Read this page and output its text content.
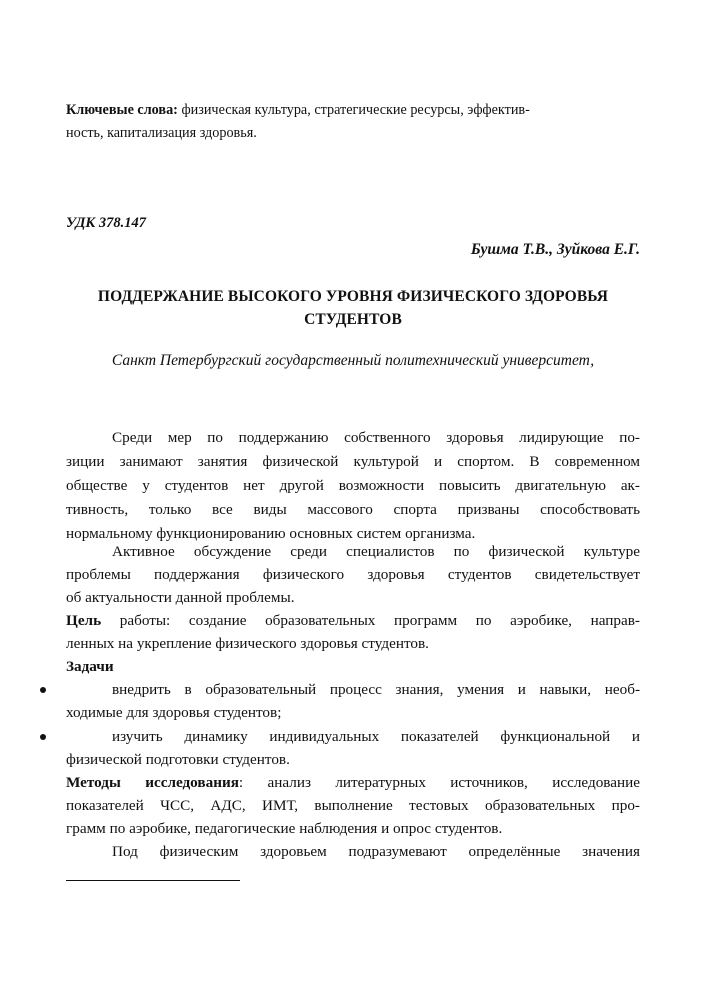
Ключевые слова: физическая культура, стратегические ресурсы, эффектив-
ность, капитализация здоровья.
УДК 378.147
Бушма Т.В., Зуйкова Е.Г.
ПОДДЕРЖАНИЕ ВЫСОКОГО УРОВНЯ ФИЗИЧЕСКОГО ЗДОРОВЬЯ
СТУДЕНТОВ
Санкт Петербургский государственный политехнический университет,
Среди мер по поддержанию собственного здоровья лидирующие по-
зиции занимают занятия физической культурой и спортом. В современном
обществе у студентов нет другой возможности повысить двигательную ак-
тивность, только все виды массового спорта призваны способствовать
нормальному функционированию основных систем организма.
Активное обсуждение среди специалистов по физической культуре
проблемы поддержания физического здоровья студентов свидетельствует
об актуальности данной проблемы.
Цель работы: создание образовательных программ по аэробике, направ-
ленных на укрепление физического здоровья студентов.
Задачи
внедрить в образовательный процесс знания, умения и навыки, необ-
ходимые для здоровья студентов;
изучить динамику индивидуальных показателей функциональной и
физической подготовки студентов.
Методы исследования: анализ литературных источников, исследование
показателей ЧСС, АДС, ИМТ, выполнение тестовых образовательных про-
грамм по аэробике, педагогические наблюдения и опрос студентов.
Под физическим здоровьем подразумевают определённые значения
